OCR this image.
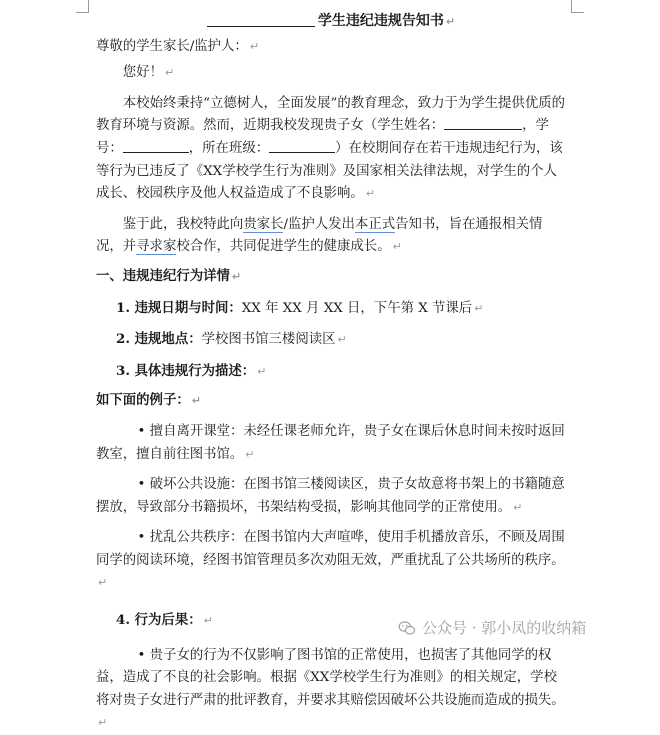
学生违纪违规告知书 ↵

尊敬的学生家长/监护人： ↵

您好！ ↵

本校始终秉持“立德树人，全面发展”的教育理念，致力于为学生提供优质的教育环境与资源。然而，近期我校发现贵子女（学生姓名：	，学号：	，所在班级：	）在校期间存在若干违规违纪行为，该等行为已违反了《XX学校学生行为准则》及国家相关法律法规，对学生的个人成长、校园秩序及他人权益造成了不良影响。 ↵

鉴于此，我校特此向贵家长/监护人发出本正式告知书，旨在通报相关情况，并寻求家校合作，共同促进学生的健康成长。 ↵

一、违规违纪行为详情 ↵

1. 违规日期与时间：XX 年 XX 月 XX 日，下午第 X 节课后 ↵

2. 违规地点：学校图书馆三楼阅读区 ↵

3. 具体违规行为描述： ↵

如下面的例子： ↵

• 擅自离开课堂：未经任课老师允许，贵子女在课后休息时间未按时返回教室，擅自前往图书馆。 ↵

• 破坏公共设施：在图书馆三楼阅读区，贵子女故意将书架上的书籍随意摆放，导致部分书籍损坏，书架结构受损，影响其他同学的正常使用。 ↵

• 扰乱公共秩序：在图书馆内大声喧哗，使用手机播放音乐，不顾及周围同学的阅读环境，经图书馆管理员多次劝阻无效，严重扰乱了公共场所的秩序。↵

4. 行为后果： ↵

• 贵子女的行为不仅影响了图书馆的正常使用，也损害了其他同学的权益，造成了不良的社会影响。根据《XX学校学生行为准则》的相关规定，学校将对贵子女进行严肃的批评教育，并要求其赔偿因破坏公共设施而造成的损失。↵

公众号 · 郭小凤的收纳箱
